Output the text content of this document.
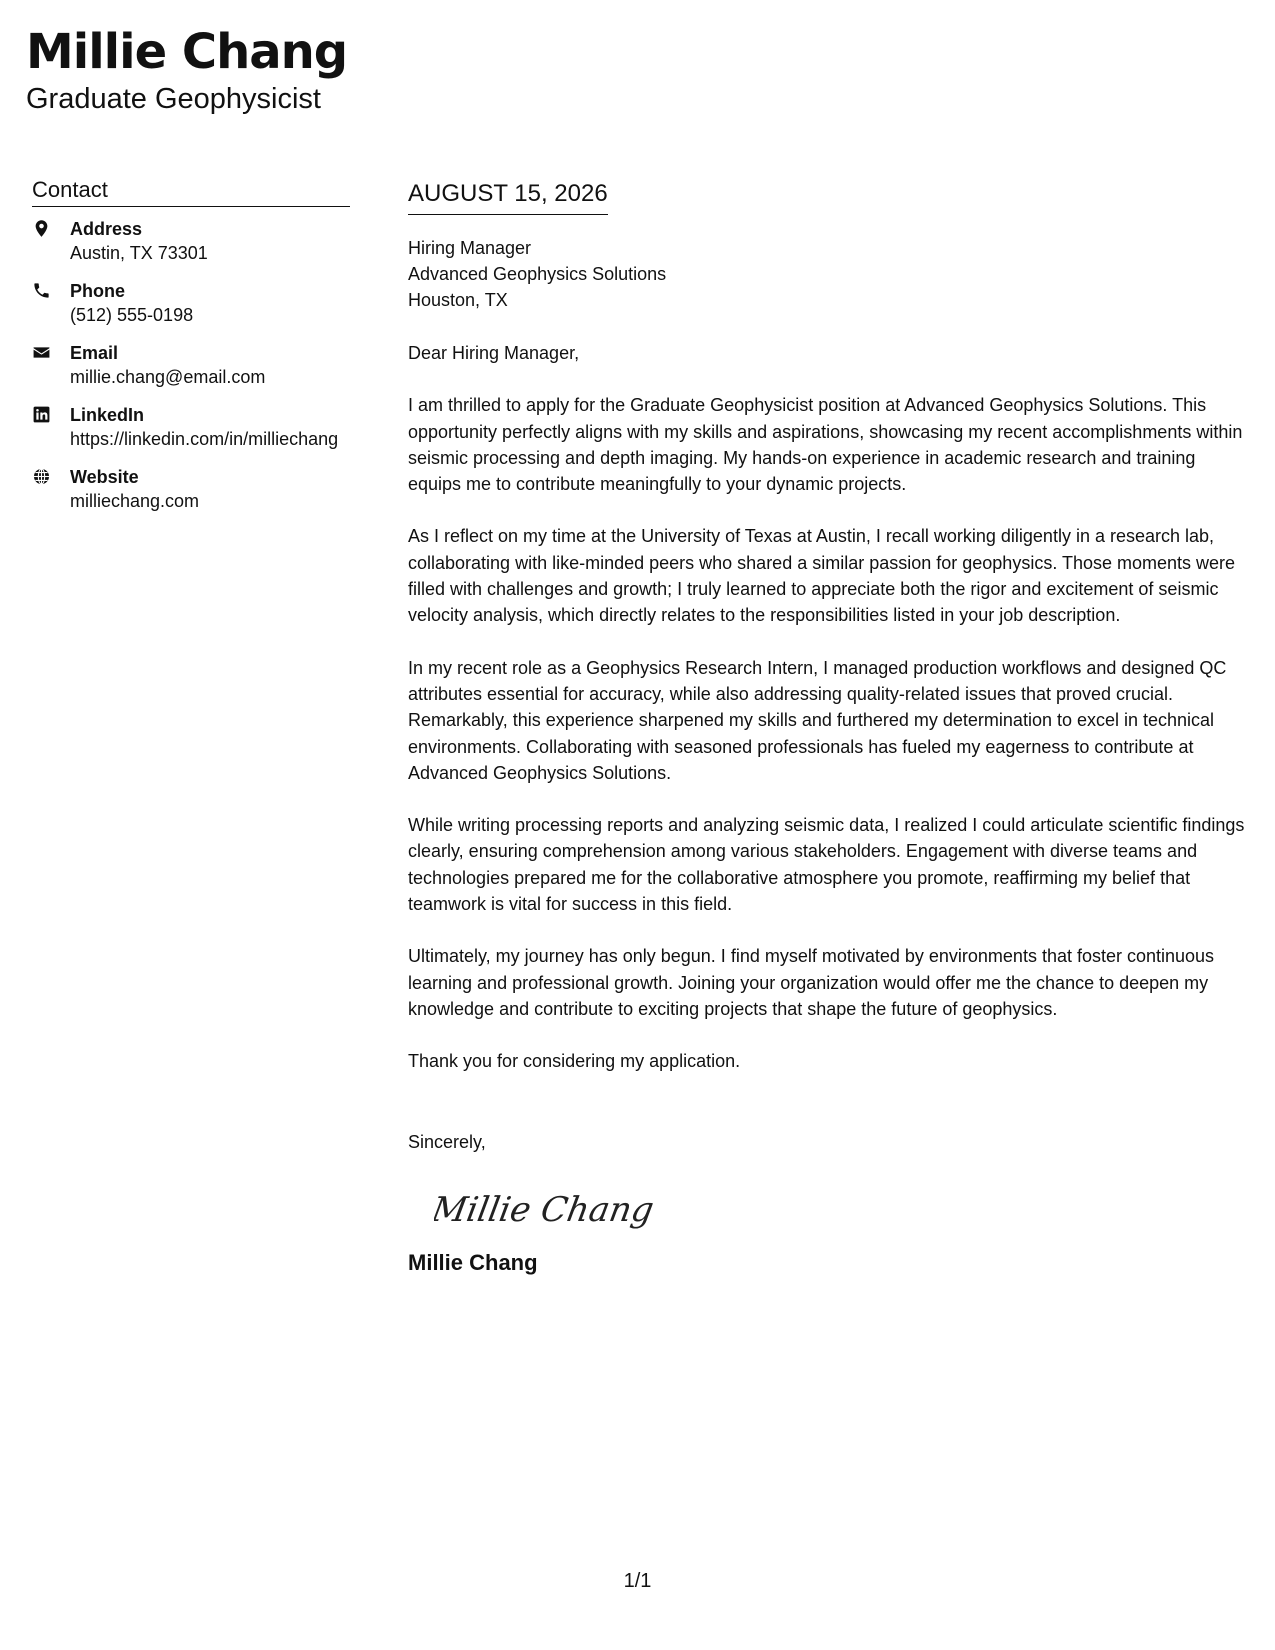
Millie Chang
Graduate Geophysicist
Contact
Address
Austin, TX 73301
Phone
(512) 555-0198
Email
millie.chang@email.com
LinkedIn
https://linkedin.com/in/milliechang
Website
milliechang.com
AUGUST 15, 2026
Hiring Manager
Advanced Geophysics Solutions
Houston, TX
Dear Hiring Manager,

I am thrilled to apply for the Graduate Geophysicist position at Advanced Geophysics Solutions. This opportunity perfectly aligns with my skills and aspirations, showcasing my recent accomplishments within seismic processing and depth imaging. My hands-on experience in academic research and training equips me to contribute meaningfully to your dynamic projects.

As I reflect on my time at the University of Texas at Austin, I recall working diligently in a research lab, collaborating with like-minded peers who shared a similar passion for geophysics. Those moments were filled with challenges and growth; I truly learned to appreciate both the rigor and excitement of seismic velocity analysis, which directly relates to the responsibilities listed in your job description.

In my recent role as a Geophysics Research Intern, I managed production workflows and designed QC attributes essential for accuracy, while also addressing quality-related issues that proved crucial. Remarkably, this experience sharpened my skills and furthered my determination to excel in technical environments. Collaborating with seasoned professionals has fueled my eagerness to contribute at Advanced Geophysics Solutions.

While writing processing reports and analyzing seismic data, I realized I could articulate scientific findings clearly, ensuring comprehension among various stakeholders. Engagement with diverse teams and technologies prepared me for the collaborative atmosphere you promote, reaffirming my belief that teamwork is vital for success in this field.

Ultimately, my journey has only begun. I find myself motivated by environments that foster continuous learning and professional growth. Joining your organization would offer me the chance to deepen my knowledge and contribute to exciting projects that shape the future of geophysics.

Thank you for considering my application.

Sincerely,
Millie Chang
Millie Chang
1/1
